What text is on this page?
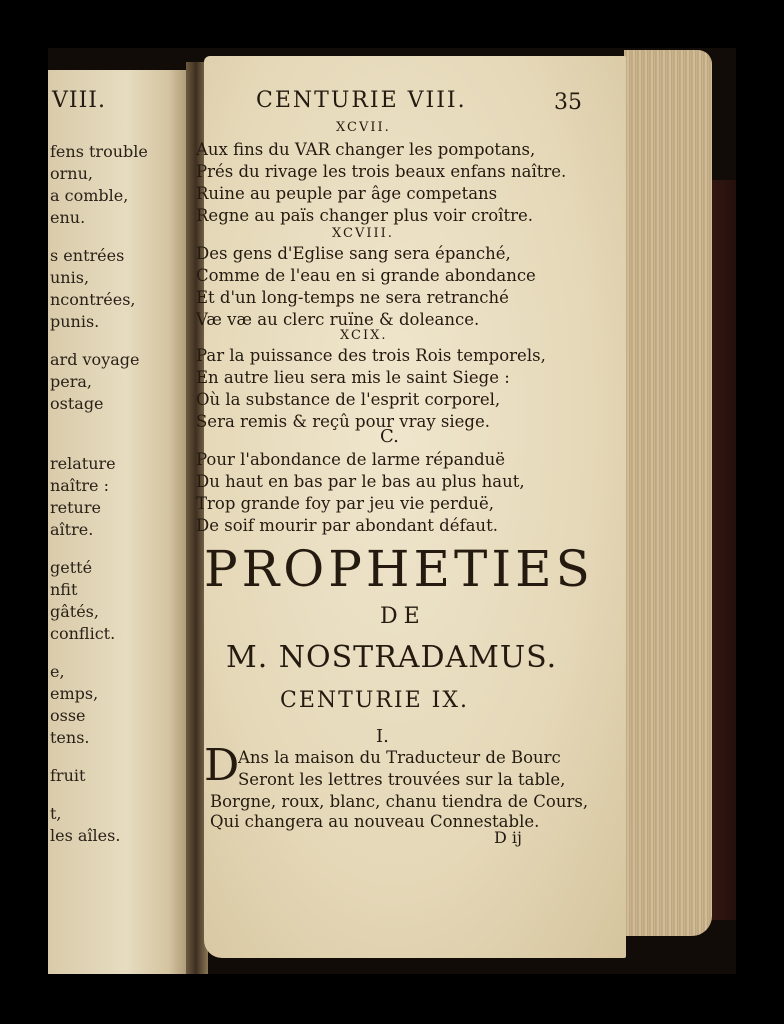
VIII.
fens trouble
ornu,
a comble,
enu.
s entrées
unis,
ncontrées,
punis.
ard voyage
pera,
ostage
relature
naître :
reture
aître.
getté
nfit
gâtés,
conflict.
e,
emps,
osse
tens.
fruit
t,
les aîles.
CENTURIE VIII.	35
XCVII.
Aux fins du VAR changer les pompotans,
Prés du rivage les trois beaux enfans naître.
Ruine au peuple par âge competans
Regne au païs changer plus voir croître.
XCVIII.
Des gens d'Eglise sang sera épanché,
Comme de l'eau en si grande abondance
Et d'un long-temps ne sera retranché
Væ væ au clerc ruïne & doleance.
XCIX.
Par la puissance des trois Rois temporels,
En autre lieu sera mis le saint Siege :
Où la substance de l'esprit corporel,
Sera remis & reçû pour vray siege.
C.
Pour l'abondance de larme répanduë
Du haut en bas par le bas au plus haut,
Trop grande foy par jeu vie perduë,
De soif mourir par abondant défaut.
PROPHETIES
DE
M. NOSTRADAMUS.
CENTURIE IX.
I.
D
Ans la maison du Traducteur de Bourc
Seront les lettres trouvées sur la table,
Borgne, roux, blanc, chanu tiendra de Cours,
Qui changera au nouveau Connestable.
D ij
